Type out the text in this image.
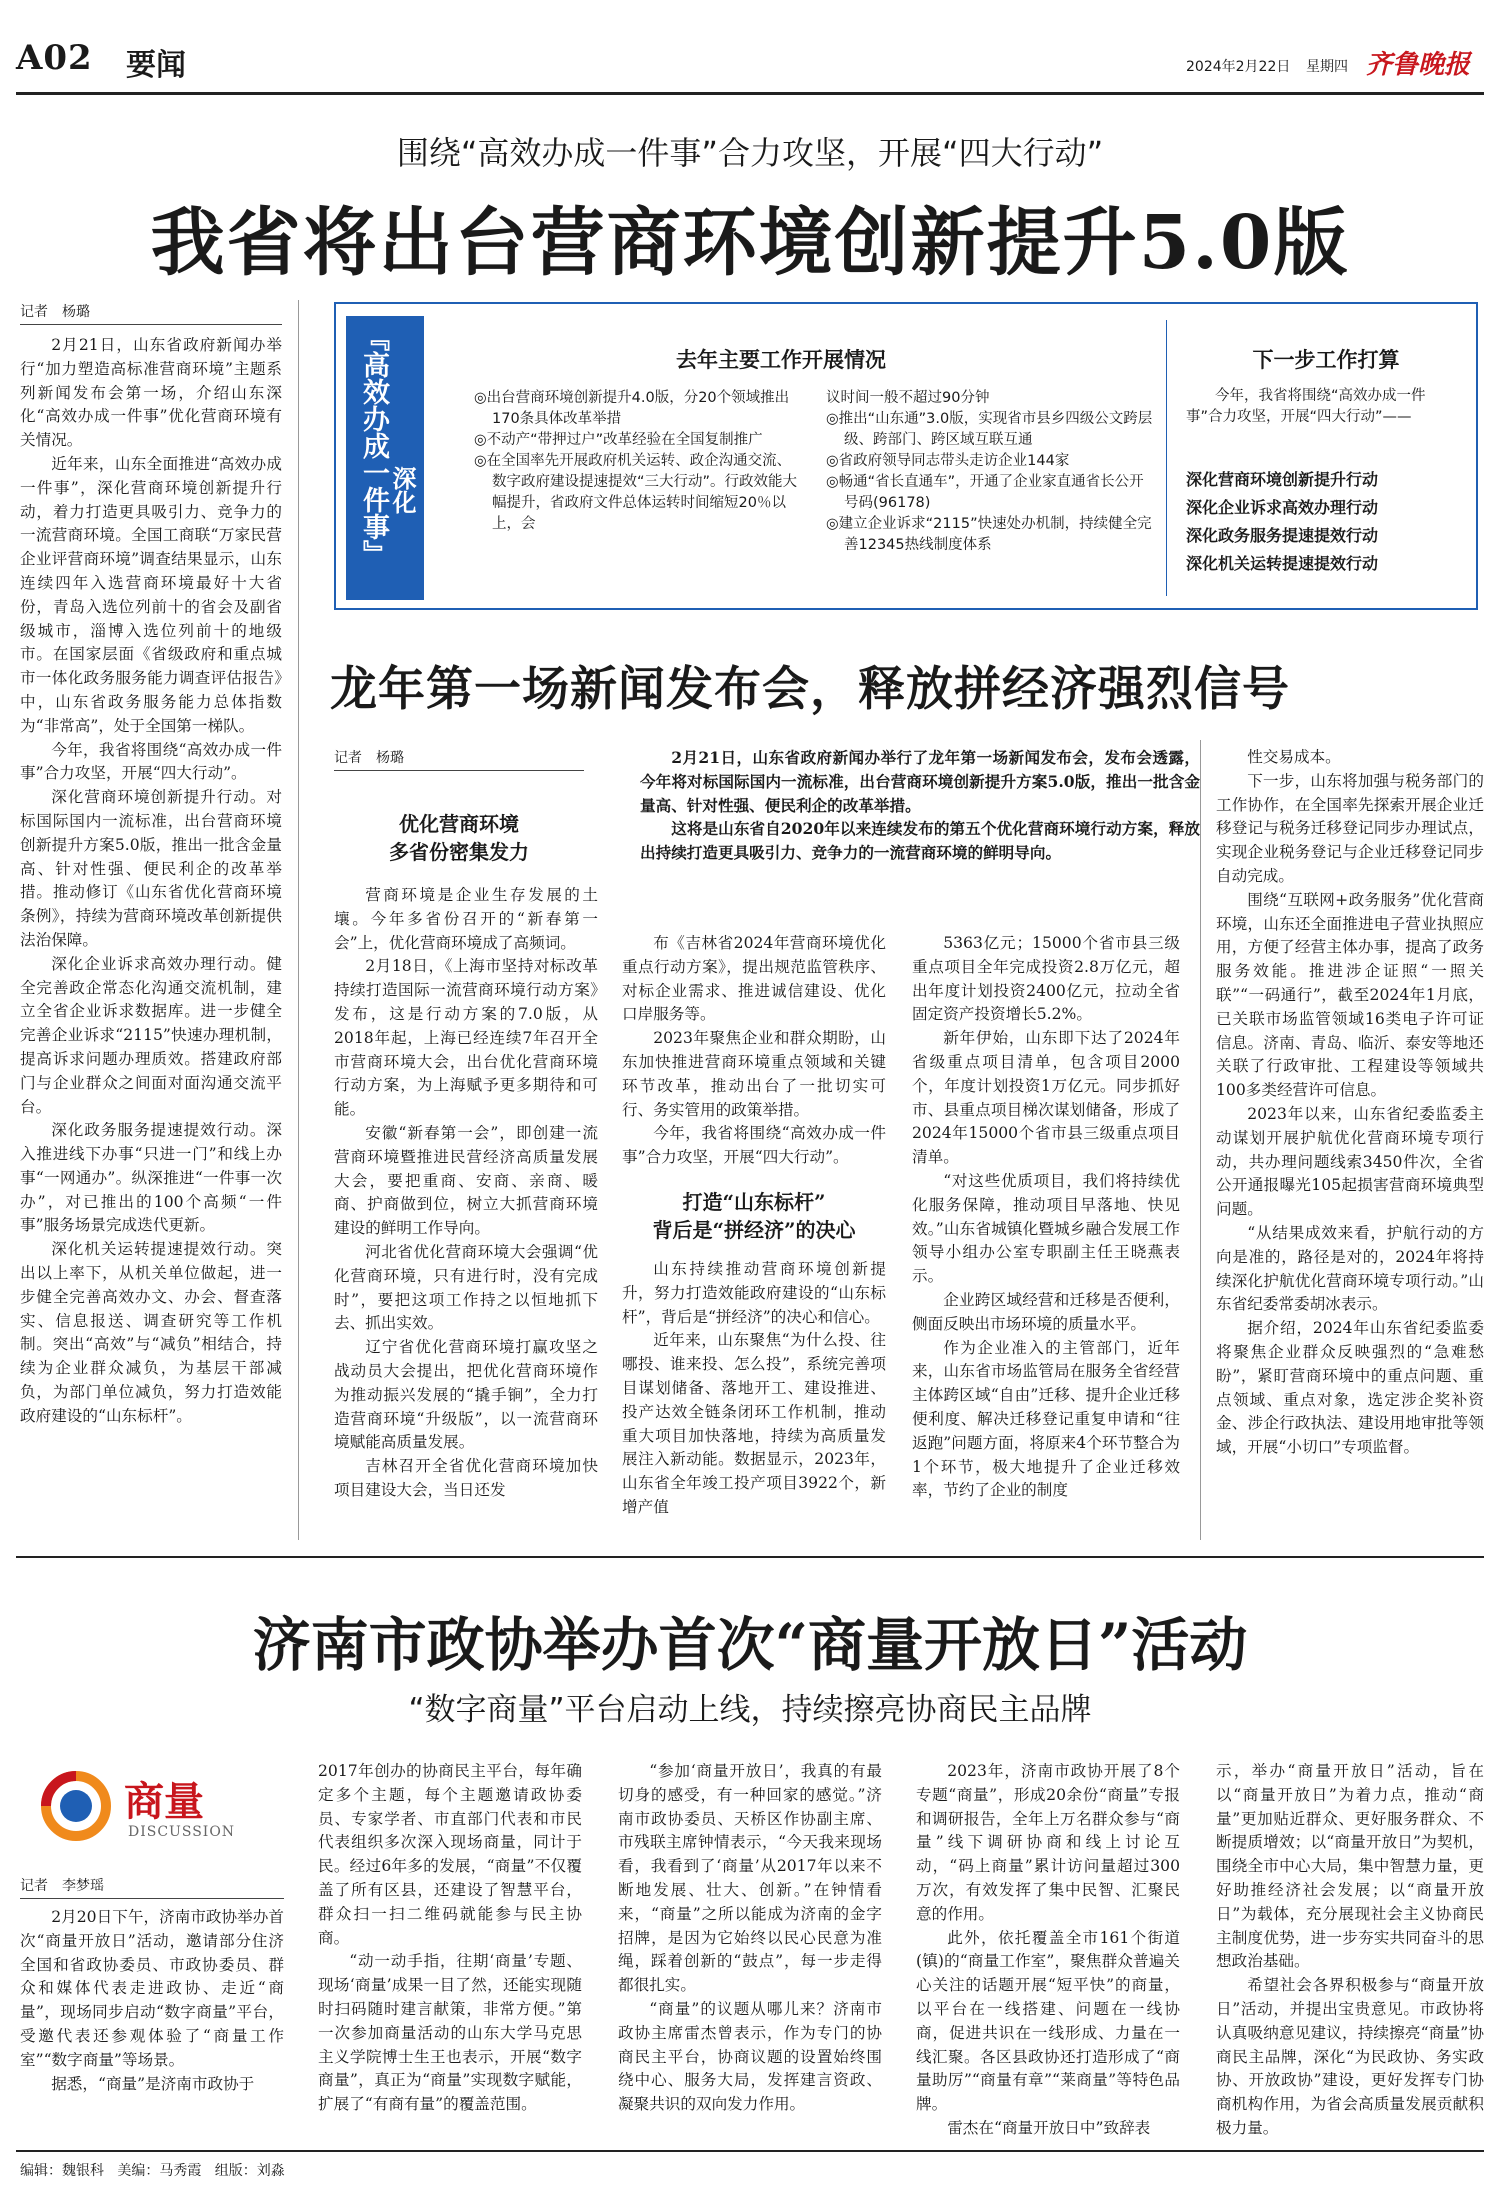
A02 要闻	2024年2月22日 星期四 齐鲁晚报
围绕“高效办成一件事”合力攻坚，开展“四大行动”
我省将出台营商环境创新提升5.0版
记者　杨璐

2月21日，山东省政府新闻办举行“加力塑造高标准营商环境”主题系列新闻发布会第一场，介绍山东深化“高效办成一件事”优化营商环境有关情况。

近年来，山东全面推进“高效办成一件事”，深化营商环境创新提升行动，着力打造更具吸引力、竞争力的一流营商环境。全国工商联“万家民营企业评营商环境”调查结果显示，山东连续四年入选营商环境最好十大省份，青岛入选位列前十的省会及副省级城市，淄博入选位列前十的地级市。在国家层面《省级政府和重点城市一体化政务服务能力调查评估报告》中，山东省政务服务能力总体指数为“非常高”，处于全国第一梯队。

今年，我省将围绕“高效办成一件事”合力攻坚，开展“四大行动”。

深化营商环境创新提升行动。对标国际国内一流标准，出台营商环境创新提升方案5.0版，推出一批含金量高、针对性强、便民利企的改革举措。推动修订《山东省优化营商环境条例》，持续为营商环境改革创新提供法治保障。

深化企业诉求高效办理行动。健全完善政企常态化沟通交流机制，建立全省企业诉求数据库。进一步健全完善企业诉求“2115”快速办理机制，提高诉求问题办理质效。搭建政府部门与企业群众之间面对面沟通交流平台。

深化政务服务提速提效行动。深入推进线下办事“只进一门”和线上办事“一网通办”。纵深推进“一件事一次办”，对已推出的100个高频“一件事”服务场景完成迭代更新。

深化机关运转提速提效行动。突出以上率下，从机关单位做起，进一步健全完善高效办文、办会、督查落实、信息报送、调查研究等工作机制。突出“高效”与“减负”相结合，持续为企业群众减负，为基层干部减负，为部门单位减负，努力打造效能政府建设的“山东标杆”。

『高效办成一件事』 深化
去年主要工作开展情况
◎出台营商环境创新提升4.0版，分20个领域推出170条具体改革举措
◎不动产“带押过户”改革经验在全国复制推广
◎在全国率先开展政府机关运转、政企沟通交流、数字政府建设提速提效“三大行动”。行政效能大幅提升，省政府文件总体运转时间缩短20％以上，会
议时间一般不超过90分钟
◎推出“山东通”3.0版，实现省市县乡四级公文跨层级、跨部门、跨区域互联互通
◎省政府领导同志带头走访企业144家
◎畅通“省长直通车”，开通了企业家直通省长公开号码(96178)
◎建立企业诉求“2115”快速处办机制，持续健全完善12345热线制度体系
下一步工作打算
今年，我省将围绕“高效办成一件事”合力攻坚，开展“四大行动”——
深化营商环境创新提升行动
深化企业诉求高效办理行动
深化政务服务提速提效行动
深化机关运转提速提效行动
龙年第一场新闻发布会，释放拼经济强烈信号
记者　杨璐	2月21日，山东省政府新闻办举行了龙年第一场新闻发布会，发布会透露，今年将对标国际国内一流标准，出台营商环境创新提升方案5.0版，推出一批含金量高、针对性强、便民利企的改革举措。

这将是山东省自2020年以来连续发布的第五个优化营商环境行动方案，释放出持续打造更具吸引力、竞争力的一流营商环境的鲜明导向。

优化营商环境
多省份密集发力

营商环境是企业生存发展的土壤。今年多省份召开的“新春第一会”上，优化营商环境成了高频词。

2月18日，《上海市坚持对标改革持续打造国际一流营商环境行动方案》发布，这是行动方案的7.0版，从2018年起，上海已经连续7年召开全市营商环境大会，出台优化营商环境行动方案，为上海赋予更多期待和可能。

安徽“新春第一会”，即创建一流营商环境暨推进民营经济高质量发展大会，要把重商、安商、亲商、暖商、护商做到位，树立大抓营商环境建设的鲜明工作导向。

河北省优化营商环境大会强调“优化营商环境，只有进行时，没有完成时”，要把这项工作持之以恒地抓下去、抓出实效。

辽宁省优化营商环境打赢攻坚之战动员大会提出，把优化营商环境作为推动振兴发展的“撬手锏”，全力打造营商环境“升级版”，以一流营商环境赋能高质量发展。

吉林召开全省优化营商环境加快项目建设大会，当日还发

布《吉林省2024年营商环境优化重点行动方案》，提出规范监管秩序、对标企业需求、推进诚信建设、优化口岸服务等。

2023年聚焦企业和群众期盼，山东加快推进营商环境重点领域和关键环节改革，推动出台了一批切实可行、务实管用的政策举措。

今年，我省将围绕“高效办成一件事”合力攻坚，开展“四大行动”。

打造“山东标杆”
背后是“拼经济”的决心

山东持续推动营商环境创新提升，努力打造效能政府建设的“山东标杆”，背后是“拼经济”的决心和信心。

近年来，山东聚焦“为什么投、往哪投、谁来投、怎么投”，系统完善项目谋划储备、落地开工、建设推进、投产达效全链条闭环工作机制，推动重大项目加快落地，持续为高质量发展注入新动能。数据显示，2023年，山东省全年竣工投产项目3922个，新增产值

5363亿元；15000个省市县三级重点项目全年完成投资2.8万亿元，超出年度计划投资2400亿元，拉动全省固定资产投资增长5.2%。

新年伊始，山东即下达了2024年省级重点项目清单，包含项目2000个，年度计划投资1万亿元。同步抓好市、县重点项目梯次谋划储备，形成了2024年15000个省市县三级重点项目清单。

“对这些优质项目，我们将持续优化服务保障，推动项目早落地、快见效。”山东省城镇化暨城乡融合发展工作领导小组办公室专职副主任王晓燕表示。

企业跨区域经营和迁移是否便利，侧面反映出市场环境的质量水平。

作为企业准入的主管部门，近年来，山东省市场监管局在服务全省经营主体跨区域“自由”迁移、提升企业迁移便利度、解决迁移登记重复申请和“往返跑”问题方面，将原来4个环节整合为1个环节，极大地提升了企业迁移效率，节约了企业的制度

性交易成本。

下一步，山东将加强与税务部门的工作协作，在全国率先探索开展企业迁移登记与税务迁移登记同步办理试点，实现企业税务登记与企业迁移登记同步自动完成。

围绕“互联网+政务服务”优化营商环境，山东还全面推进电子营业执照应用，方便了经营主体办事，提高了政务服务效能。推进涉企证照“一照关联”“一码通行”，截至2024年1月底，已关联市场监管领域16类电子许可证信息。济南、青岛、临沂、泰安等地还关联了行政审批、工程建设等领域共100多类经营许可信息。

2023年以来，山东省纪委监委主动谋划开展护航优化营商环境专项行动，共办理问题线索3450件次，全省公开通报曝光105起损害营商环境典型问题。

“从结果成效来看，护航行动的方向是准的，路径是对的，2024年将持续深化护航优化营商环境专项行动。”山东省纪委常委胡冰表示。

据介绍，2024年山东省纪委监委将聚焦企业群众反映强烈的“急难愁盼”，紧盯营商环境中的重点问题、重点领域、重点对象，选定涉企奖补资金、涉企行政执法、建设用地审批等领域，开展“小切口”专项监督。

济南市政协举办首次“商量开放日”活动
“数字商量”平台启动上线，持续擦亮协商民主品牌
商量
DISCUSSION
记者　李梦瑶

2月20日下午，济南市政协举办首次“商量开放日”活动，邀请部分住济全国和省政协委员、市政协委员、群众和媒体代表走进政协、走近“商量”，现场同步启动“数字商量”平台，受邀代表还参观体验了“商量工作室”“数字商量”等场景。

据悉，“商量”是济南市政协于

2017年创办的协商民主平台，每年确定多个主题，每个主题邀请政协委员、专家学者、市直部门代表和市民代表组织多次深入现场商量，同计于民。经过6年多的发展，“商量”不仅覆盖了所有区县，还建设了智慧平台，群众扫一扫二维码就能参与民主协商。

“动一动手指，往期‘商量’专题、现场‘商量’成果一目了然，还能实现随时扫码随时建言献策，非常方便。”第一次参加商量活动的山东大学马克思主义学院博士生王也表示，开展“数字商量”，真正为“商量”实现数字赋能，扩展了“有商有量”的覆盖范围。

“参加‘商量开放日’，我真的有最切身的感受，有一种回家的感觉。”济南市政协委员、天桥区作协副主席、市残联主席钟情表示，“今天我来现场看，我看到了‘商量’从2017年以来不断地发展、壮大、创新。”在钟情看来，“商量”之所以能成为济南的金字招牌，是因为它始终以民心民意为准绳，踩着创新的“鼓点”，每一步走得都很扎实。

“商量”的议题从哪儿来？济南市政协主席雷杰曾表示，作为专门的协商民主平台，协商议题的设置始终围绕中心、服务大局，发挥建言资政、凝聚共识的双向发力作用。

2023年，济南市政协开展了8个专题“商量”，形成20余份“商量”专报和调研报告，全年上万名群众参与“商量”线下调研协商和线上讨论互动，“码上商量”累计访问量超过300万次，有效发挥了集中民智、汇聚民意的作用。

此外，依托覆盖全市161个街道(镇)的“商量工作室”，聚焦群众普遍关心关注的话题开展“短平快”的商量，以平台在一线搭建、问题在一线协商，促进共识在一线形成、力量在一线汇聚。各区县政协还打造形成了“商量助厉”“商量有章”“莱商量”等特色品牌。

雷杰在“商量开放日中”致辞表

示，举办“商量开放日”活动，旨在以“商量开放日”为着力点，推动“商量”更加贴近群众、更好服务群众、不断提质增效；以“商量开放日”为契机，围绕全市中心大局，集中智慧力量，更好助推经济社会发展；以“商量开放日”为载体，充分展现社会主义协商民主制度优势，进一步夯实共同奋斗的思想政治基础。

希望社会各界积极参与“商量开放日”活动，并提出宝贵意见。市政协将认真吸纳意见建议，持续擦亮“商量”协商民主品牌，深化“为民政协、务实政协、开放政协”建设，更好发挥专门协商机构作用，为省会高质量发展贡献积极力量。

编辑：魏银科 美编：马秀霞 组版：刘淼
